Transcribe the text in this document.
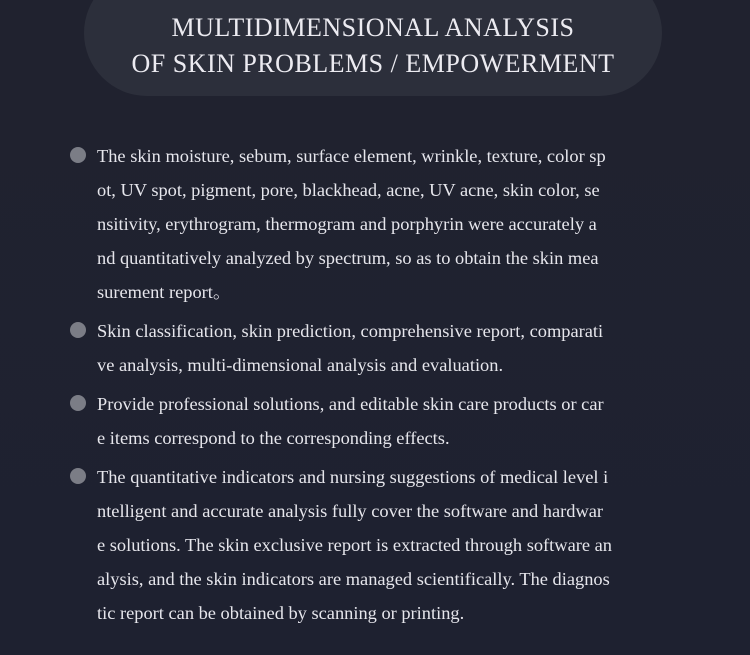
MULTIDIMENSIONAL ANALYSIS
OF SKIN PROBLEMS / EMPOWERMENT
The skin moisture, sebum, surface element, wrinkle, texture, color sp
ot, UV spot, pigment, pore, blackhead, acne, UV acne, skin color, se
nsitivity, erythrogram, thermogram and porphyrin were accurately a
nd quantitatively analyzed by spectrum, so as to obtain the skin mea
surement report。
Skin classification, skin prediction, comprehensive report, comparati
ve analysis, multi-dimensional analysis and evaluation.
Provide professional solutions, and editable skin care products or car
e items correspond to the corresponding effects.
The quantitative indicators and nursing suggestions of medical level i
ntelligent and accurate analysis fully cover the software and hardwar
e solutions. The skin exclusive report is extracted through software an
alysis, and the skin indicators are managed scientifically. The diagnos
tic report can be obtained by scanning or printing.
